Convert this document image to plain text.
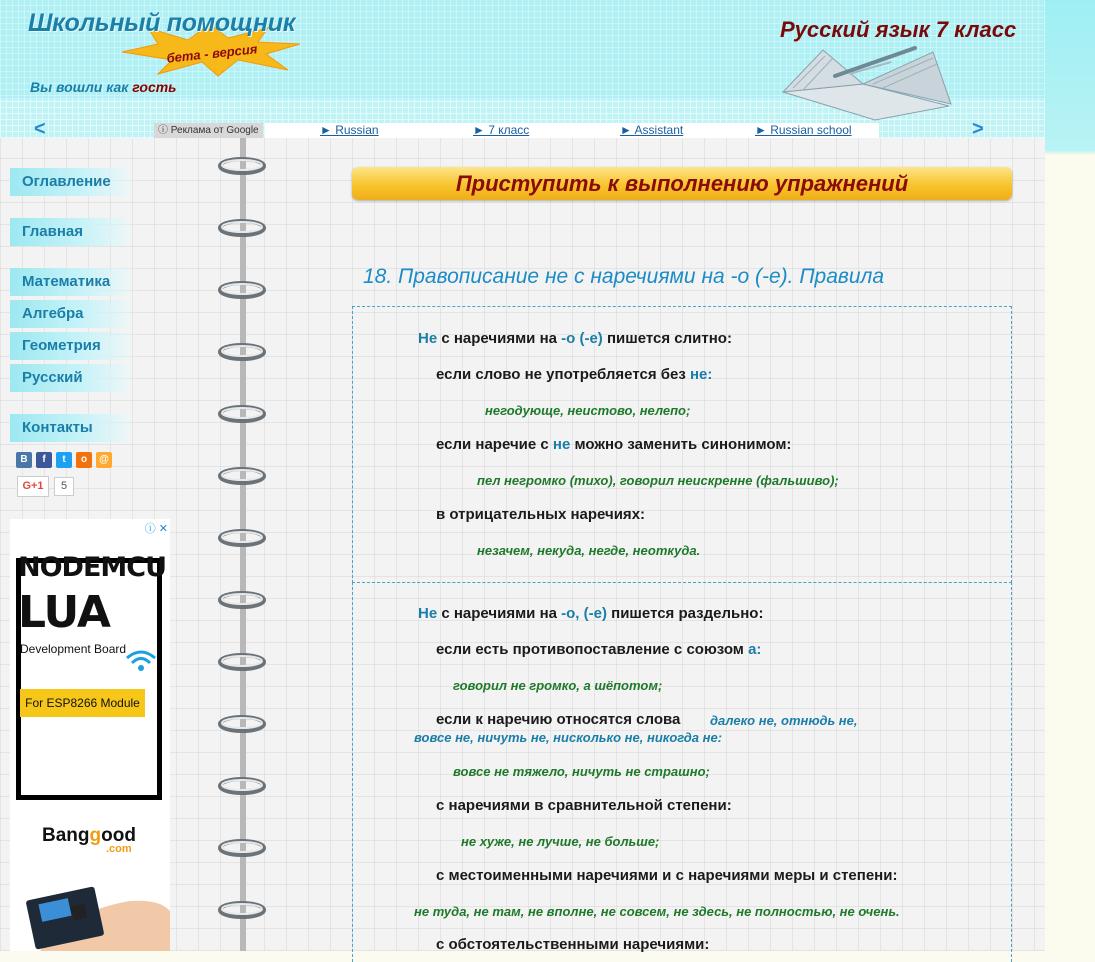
бета - версия
Школьный помощник
Вы вошли как гость
Русский язык 7 класс
<	>
ⓘ Реклама от Google	► Russian	► 7 класс	► Assistant	► Russian school
Оглавление
Главная
Математика
Алгебра
Геометрия
Русский
Контакты
В	f	t	o	@
G+1	5
ⓘ ✕
NODEMCU
LUA
Development Board
For ESP8266 Module
Banggood
.com
Приступить к выполнению упражнений
18. Правописание не с наречиями на -о (-е). Правила
Не с наречиями на -о (-е) пишется слитно:
если слово не употребляется без не:
негодующе, неистово, нелепо;
если наречие с не можно заменить синонимом:
пел негромко (тихо), говорил неискренне (фальшиво);
в отрицательных наречиях:
незачем, некуда, негде, неоткуда.
Не с наречиями на -о, (-е) пишется раздельно:
если есть противопоставление с союзом а:
говорил не громко, а шёпотом;
если к наречию относятся слова далеко не, отнюдь не,
вовсе не, ничуть не, нисколько не, никогда не:
вовсе не тяжело, ничуть не страшно;
с наречиями в сравнительной степени:
не хуже, не лучше, не больше;
с местоименными наречиями и с наречиями меры и степени:
не туда, не там, не вполне, не совсем, не здесь, не полностью, не очень.
с обстоятельственными наречиями:
